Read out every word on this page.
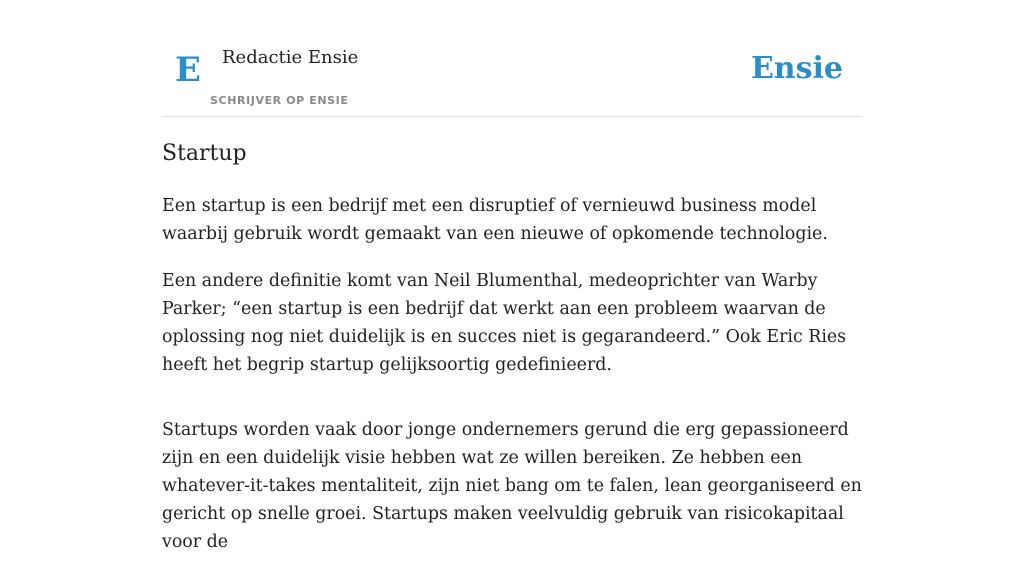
E Redactie Ensie
SCHRIJVER OP ENSIE
Ensie
Startup

Een startup is een bedrijf met een disruptief of vernieuwd business model waarbij gebruik wordt gemaakt van een nieuwe of opkomende technologie.

Een andere definitie komt van Neil Blumenthal, medeoprichter van Warby Parker; “een startup is een bedrijf dat werkt aan een probleem waarvan de oplossing nog niet duidelijk is en succes niet is gegarandeerd.” Ook Eric Ries heeft het begrip startup gelijksoortig gedefinieerd.

Startups worden vaak door jonge ondernemers gerund die erg gepassioneerd zijn en een duidelijk visie hebben wat ze willen bereiken. Ze hebben een whatever-it-takes mentaliteit, zijn niet bang om te falen, lean georganiseerd en gericht op snelle groei. Startups maken veelvuldig gebruik van risicokapitaal voor de
